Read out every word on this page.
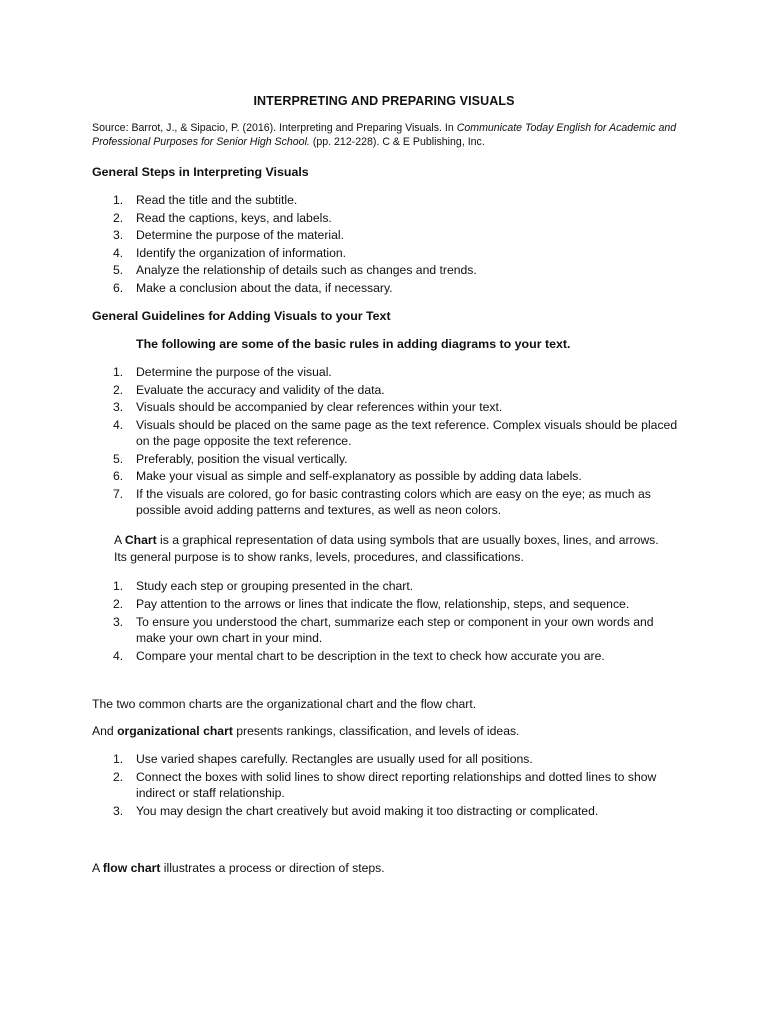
INTERPRETING AND PREPARING VISUALS
Source: Barrot, J., & Sipacio, P. (2016). Interpreting and Preparing Visuals. In Communicate Today English for Academic and Professional Purposes for Senior High School. (pp. 212-228). C & E Publishing, Inc.
General Steps in Interpreting Visuals
1. Read the title and the subtitle.
2. Read the captions, keys, and labels.
3. Determine the purpose of the material.
4. Identify the organization of information.
5. Analyze the relationship of details such as changes and trends.
6. Make a conclusion about the data, if necessary.
General Guidelines for Adding Visuals to your Text
The following are some of the basic rules in adding diagrams to your text.
1. Determine the purpose of the visual.
2. Evaluate the accuracy and validity of the data.
3. Visuals should be accompanied by clear references within your text.
4. Visuals should be placed on the same page as the text reference. Complex visuals should be placed on the page opposite the text reference.
5. Preferably, position the visual vertically.
6. Make your visual as simple and self-explanatory as possible by adding data labels.
7. If the visuals are colored, go for basic contrasting colors which are easy on the eye; as much as possible avoid adding patterns and textures, as well as neon colors.
A Chart is a graphical representation of data using symbols that are usually boxes, lines, and arrows. Its general purpose is to show ranks, levels, procedures, and classifications.
1. Study each step or grouping presented in the chart.
2. Pay attention to the arrows or lines that indicate the flow, relationship, steps, and sequence.
3. To ensure you understood the chart, summarize each step or component in your own words and make your own chart in your mind.
4. Compare your mental chart to be description in the text to check how accurate you are.
The two common charts are the organizational chart and the flow chart.
And organizational chart presents rankings, classification, and levels of ideas.
1. Use varied shapes carefully. Rectangles are usually used for all positions.
2. Connect the boxes with solid lines to show direct reporting relationships and dotted lines to show indirect or staff relationship.
3. You may design the chart creatively but avoid making it too distracting or complicated.
A flow chart illustrates a process or direction of steps.
